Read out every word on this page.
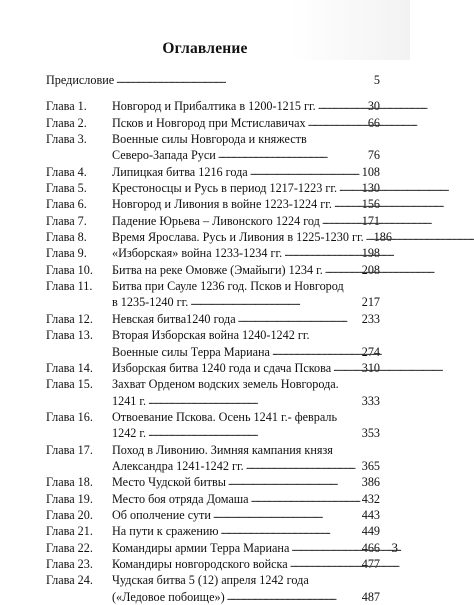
Оглавление
Предисловие . . .	5
Глава 1.	Новгород и Прибалтика в 1200-1215 гг. . . .	30
Глава 2.	Псков и Новгород при Мстиславичах . . .	66
Глава 3.	Военные силы Новгорода и княжеств
Северо-Запада Руси . . .	76
Глава 4.	Липицкая битва 1216 года . . .	108
Глава 5.	Крестоносцы и Русь в период 1217-1223 гг. . . . 130
Глава 6.	Новгород и Ливония в войне 1223-1224 гг. . . . 156
Глава 7.	Падение Юрьева – Ливонского 1224 год . . .	171
Глава 8.	Время Ярослава. Русь и Ливония в 1225-1230 гг. . . . 186
Глава 9.	«Изборская» война 1233-1234 гг. . . .	198
Глава 10.	Битва на реке Омовже (Эмайыги) 1234 г. . . .	208
Глава 11.	Битва при Сауле 1236 год. Псков и Новгород
в 1235-1240 гг. . . .	217
Глава 12.	Невская битва1240 года . . .	233
Глава 13.	Вторая Изборская война 1240-1242 гг.
Военные силы Терра Мариана . . .	274
Глава 14.	Изборская битва 1240 года и сдача Пскова . . .	310
Глава 15.	Захват Орденом водских земель Новгорода.
1241 г. . . .	333
Глава 16.	Отвоевание Пскова. Осень 1241 г.- февраль
1242 г. . . .	353
Глава 17.	Поход в Ливонию. Зимняя кампания князя
Александра 1241-1242 гг. . . .	365
Глава 18.	Место Чудской битвы . . .	386
Глава 19.	Место боя отряда Домаша . . .	432
Глава 20.	Об ополчение сути . . .	443
Глава 21.	На пути к сражению . . .	449
Глава 22.	Командиры армии Терра Мариана . . .	466
Глава 23.	Командиры новгородского войска . . .	477
Глава 24.	Чудская битва 5 (12) апреля 1242 года
(«Ледовое побоище») . . .	487
3
